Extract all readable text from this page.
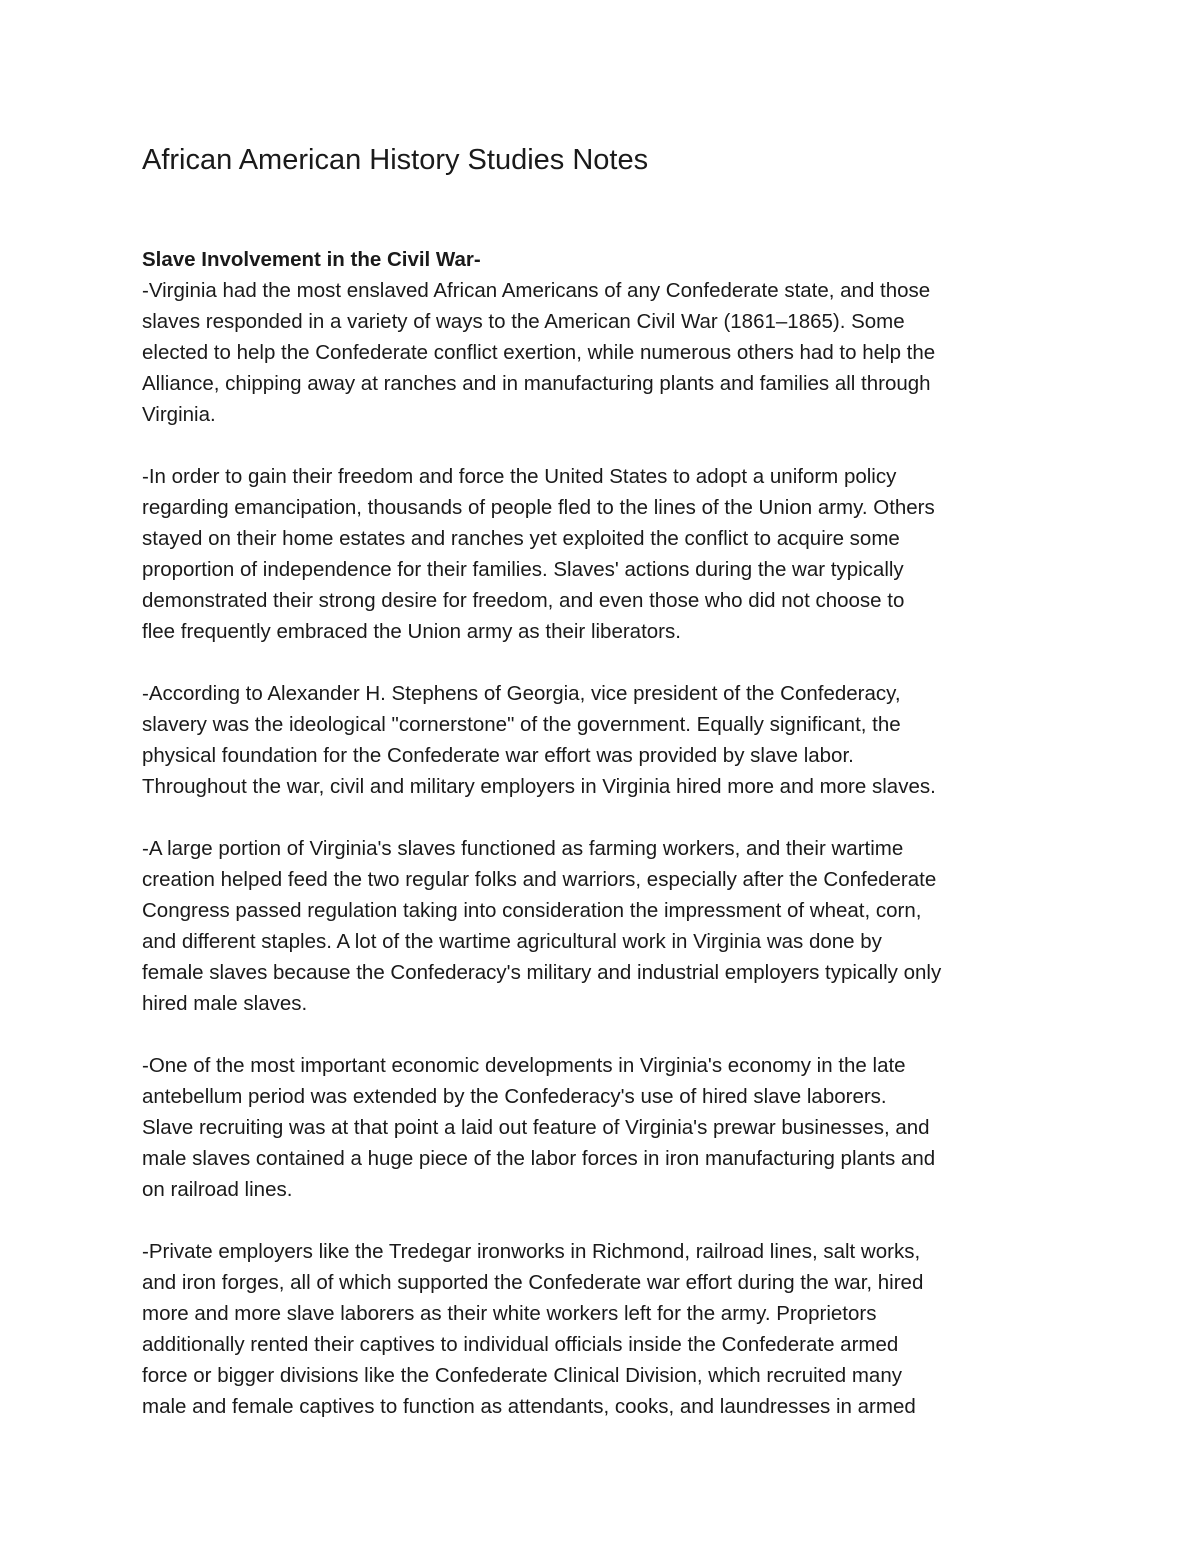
African American History Studies Notes
Slave Involvement in the Civil War-

-Virginia had the most enslaved African Americans of any Confederate state, and those
slaves responded in a variety of ways to the American Civil War (1861–1865). Some
elected to help the Confederate conflict exertion, while numerous others had to help the
Alliance, chipping away at ranches and in manufacturing plants and families all through
Virginia.

-In order to gain their freedom and force the United States to adopt a uniform policy
regarding emancipation, thousands of people fled to the lines of the Union army. Others
stayed on their home estates and ranches yet exploited the conflict to acquire some
proportion of independence for their families. Slaves' actions during the war typically
demonstrated their strong desire for freedom, and even those who did not choose to
flee frequently embraced the Union army as their liberators.

-According to Alexander H. Stephens of Georgia, vice president of the Confederacy,
slavery was the ideological "cornerstone" of the government. Equally significant, the
physical foundation for the Confederate war effort was provided by slave labor.
Throughout the war, civil and military employers in Virginia hired more and more slaves.

-A large portion of Virginia's slaves functioned as farming workers, and their wartime
creation helped feed the two regular folks and warriors, especially after the Confederate
Congress passed regulation taking into consideration the impressment of wheat, corn,
and different staples. A lot of the wartime agricultural work in Virginia was done by
female slaves because the Confederacy's military and industrial employers typically only
hired male slaves.

-One of the most important economic developments in Virginia's economy in the late
antebellum period was extended by the Confederacy's use of hired slave laborers.
Slave recruiting was at that point a laid out feature of Virginia's prewar businesses, and
male slaves contained a huge piece of the labor forces in iron manufacturing plants and
on railroad lines.

-Private employers like the Tredegar ironworks in Richmond, railroad lines, salt works,
and iron forges, all of which supported the Confederate war effort during the war, hired
more and more slave laborers as their white workers left for the army. Proprietors
additionally rented their captives to individual officials inside the Confederate armed
force or bigger divisions like the Confederate Clinical Division, which recruited many
male and female captives to function as attendants, cooks, and laundresses in armed
